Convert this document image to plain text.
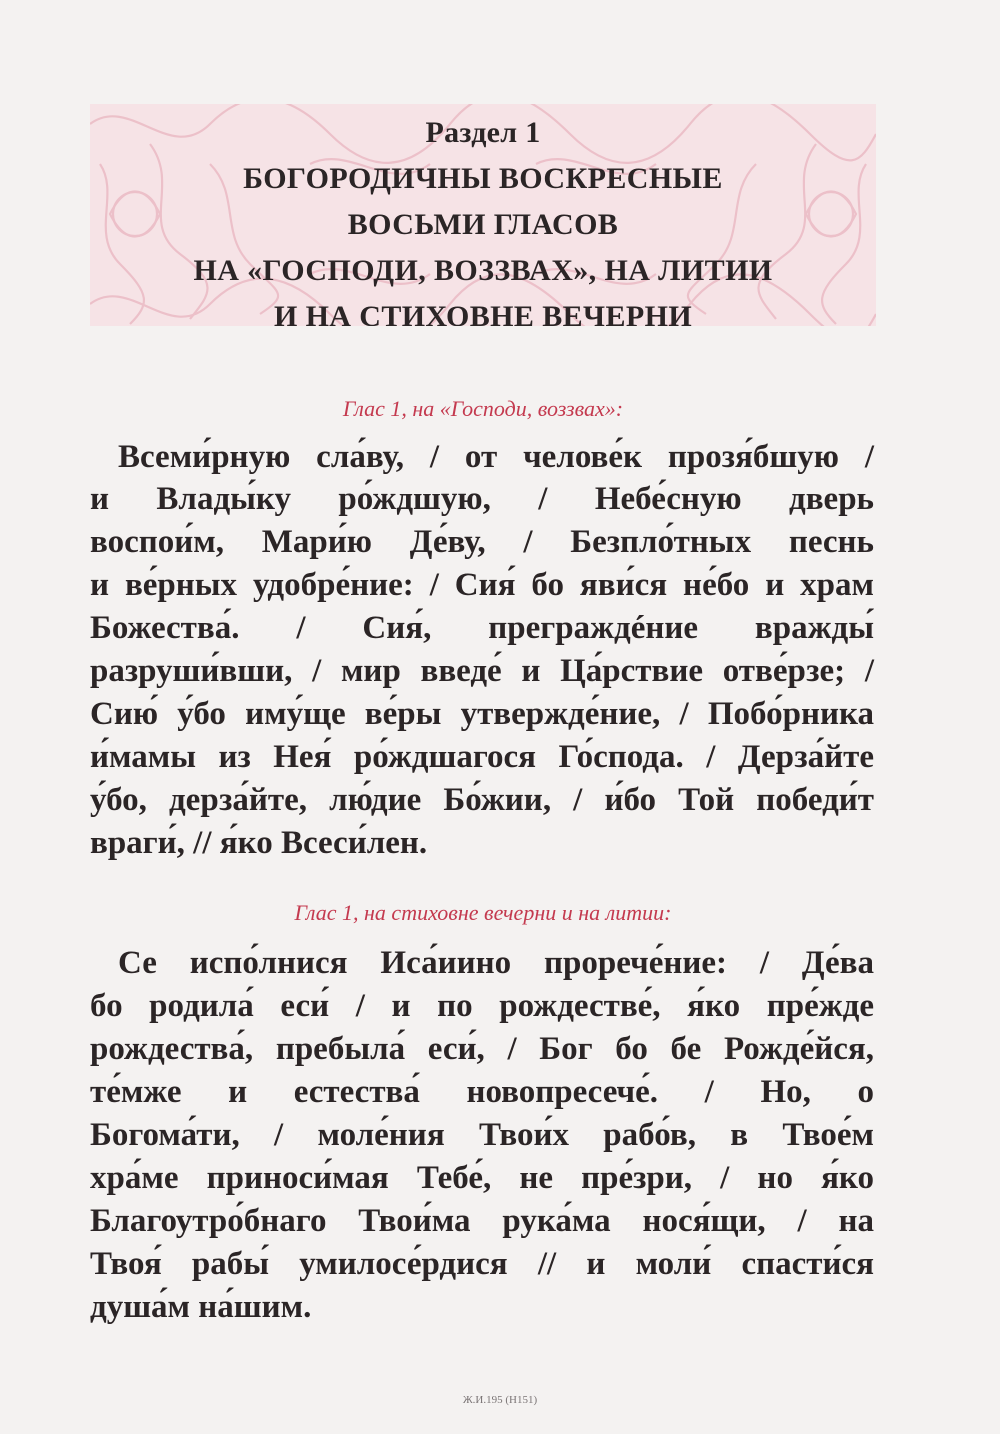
Раздел 1
БОГОРОДИЧНЫ ВОСКРЕСНЫЕ
ВОСЬМИ ГЛАСОВ
НА «ГОСПОДИ, ВОЗЗВАХ», НА ЛИТИИ
И НА СТИХОВНЕ ВЕЧЕРНИ
Глас 1, на «Господи, воззвах»:
Всеми́рную сла́ву, / от челове́к прозя́бшую /
и Влады́ку ро́ждшую, / Небе́сную дверь
воспои́м, Мари́ю Де́ву, / Безпло́тных песнь
и ве́рных удобре́ние: / Сия́ бо яви́ся не́бо и храм
Божества́. / Сия́, преграждéние вражды́
разруши́вши, / мир введе́ и Ца́рствие отве́рзе; /
Сию́ у́бо иму́ще ве́ры утвержде́ние, / Побо́рника
и́мамы из Нея́ ро́ждшагося Го́спода. / Дерза́йте
у́бо, дерза́йте, лю́дие Бо́жии, / и́бо Той победи́т
враги́, // я́ко Всеси́лен.
Глас 1, на стиховне вечерни и на литии:
Се испо́лнися Иса́иино прорече́ние: / Де́ва
бо родила́ еси́ / и по рождестве́, я́ко пре́жде
рождества́, пребыла́ еси́, / Бог бо бе Рожде́йся,
те́мже и естества́ новопресече́. / Но, о
Богома́ти, / моле́ния Твои́х рабо́в, в Твое́м
хра́ме приноси́мая Тебе́, не пре́зри, / но я́ко
Благоутро́бнаго Твои́ма рука́ма нося́щи, / на
Твоя́ рабы́ умилосе́рдися // и моли́ спасти́ся
душа́м на́шим.
Ж.И.195 (Н151)
